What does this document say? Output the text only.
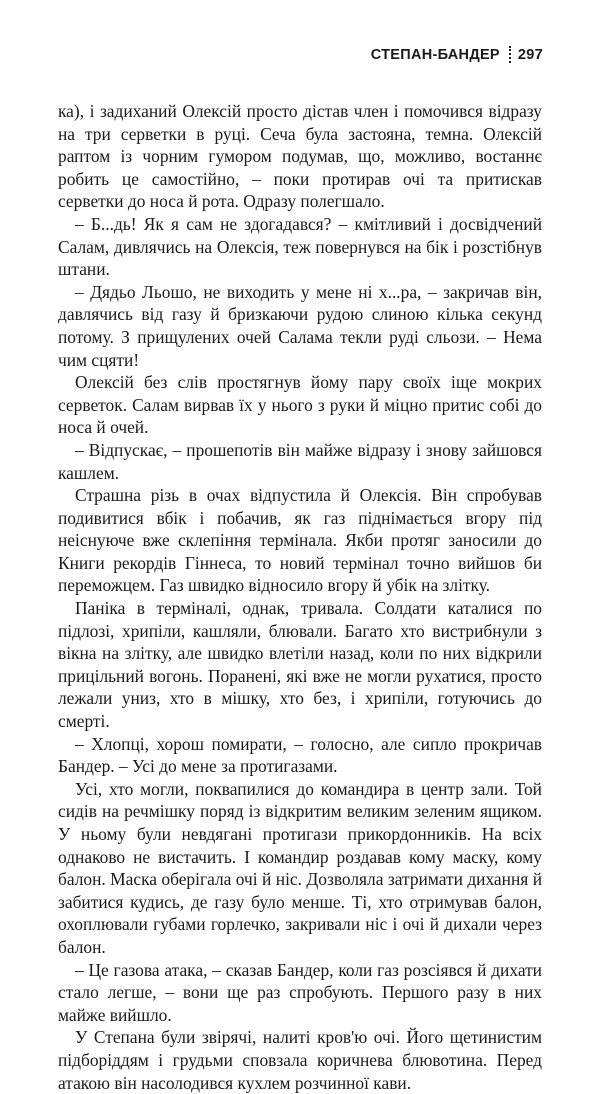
СТЕПАН-БАНДЕР 297

ка), і задиханий Олексій просто дістав член і помочився відразу на три серветки в руці. Сеча була застояна, темна. Олексій раптом із чорним гумором подумав, що, можливо, востаннє робить це самостійно, – поки протирав очі та притискав серветки до носа й рота. Одразу полегшало.

– Б...дь! Як я сам не здогадався? – кмітливий і досвідчений Салам, дивлячись на Олексія, теж повернувся на бік і розстібнув штани.

– Дядьо Льошо, не виходить у мене ні х...ра, – закричав він, давлячись від газу й бризкаючи рудою слиною кілька секунд потому. З прищулених очей Салама текли руді сльози. – Нема чим сцяти!

Олексій без слів простягнув йому пару своїх іще мокрих серветок. Салам вирвав їх у нього з руки й міцно притис собі до носа й очей.

– Відпускає, – прошепотів він майже відразу і знову зайшовся кашлем.

Страшна різь в очах відпустила й Олексія. Він спробував подивитися вбік і побачив, як газ піднімається вгору під неіснуюче вже склепіння термінала. Якби протяг заносили до Книги рекордів Гіннеса, то новий термінал точно вийшов би переможцем. Газ швидко відносило вгору й убік на злітку.

Паніка в терміналі, однак, тривала. Солдати каталися по підлозі, хрипіли, кашляли, блювали. Багато хто вистрибнули з вікна на злітку, але швидко влетіли назад, коли по них відкрили прицільний вогонь. Поранені, які вже не могли рухатися, просто лежали униз, хто в мішку, хто без, і хрипіли, готуючись до смерті.

– Хлопці, хорош помирати, – голосно, але сипло прокричав Бандер. – Усі до мене за протигазами.

Усі, хто могли, поквапилися до командира в центр зали. Той сидів на речмішку поряд із відкритим великим зеленим ящиком. У ньому були невдягані протигази прикордонників. На всіх однаково не вистачить. І командир роздавав кому маску, кому балон. Маска оберігала очі й ніс. Дозволяла затримати дихання й забитися кудись, де газу було менше. Ті, хто отримував балон, охоплювали губами горлечко, закривали ніс і очі й дихали через балон.

– Це газова атака, – сказав Бандер, коли газ розсіявся й дихати стало легше, – вони ще раз спробують. Першого разу в них майже вийшло.

У Степана були звірячі, налиті кров'ю очі. Його щетинистим підборіддям і грудьми сповзала коричнева блювотина. Перед атакою він насолодився кухлем розчинної кави.
